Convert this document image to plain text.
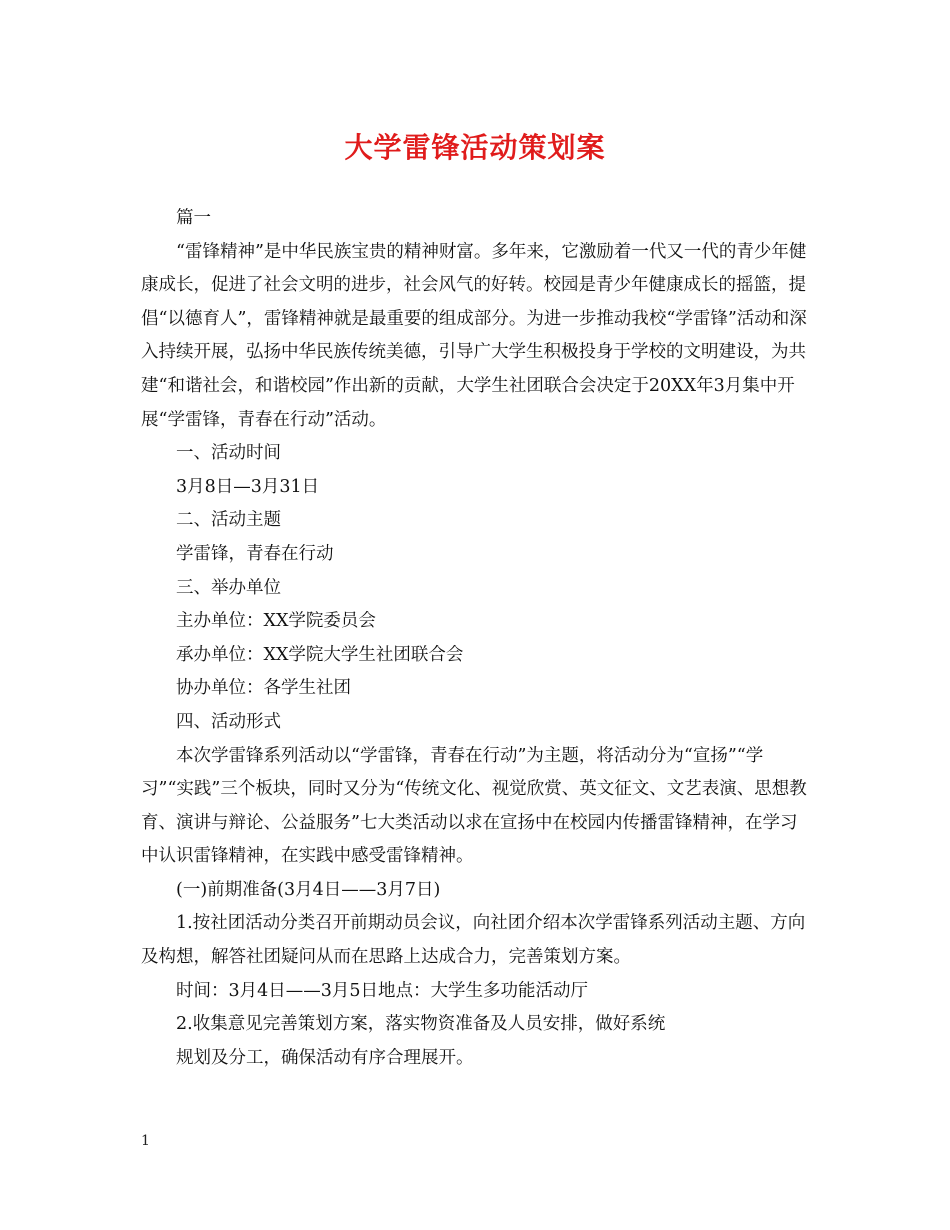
大学雷锋活动策划案

篇一

“雷锋精神”是中华民族宝贵的精神财富。多年来，它激励着一代又一代的青少年健康成长，促进了社会文明的进步，社会风气的好转。校园是青少年健康成长的摇篮，提倡“以德育人”，雷锋精神就是最重要的组成部分。为进一步推动我校“学雷锋”活动和深入持续开展，弘扬中华民族传统美德，引导广大学生积极投身于学校的文明建设，为共建“和谐社会，和谐校园”作出新的贡献，大学生社团联合会决定于20XX年3月集中开展“学雷锋，青春在行动”活动。

一、活动时间

3月8日—3月31日

二、活动主题

学雷锋，青春在行动

三、举办单位

主办单位：XX学院委员会

承办单位：XX学院大学生社团联合会

协办单位：各学生社团

四、活动形式

本次学雷锋系列活动以“学雷锋，青春在行动”为主题，将活动分为“宣扬”“学习”“实践”三个板块，同时又分为“传统文化、视觉欣赏、英文征文、文艺表演、思想教育、演讲与辩论、公益服务”七大类活动以求在宣扬中在校园内传播雷锋精神，在学习中认识雷锋精神，在实践中感受雷锋精神。

(一)前期准备(3月4日——3月7日)

1.按社团活动分类召开前期动员会议，向社团介绍本次学雷锋系列活动主题、方向及构想，解答社团疑问从而在思路上达成合力，完善策划方案。

时间：3月4日——3月5日地点：大学生多功能活动厅

2.收集意见完善策划方案，落实物资准备及人员安排，做好系统

规划及分工，确保活动有序合理展开。

1
